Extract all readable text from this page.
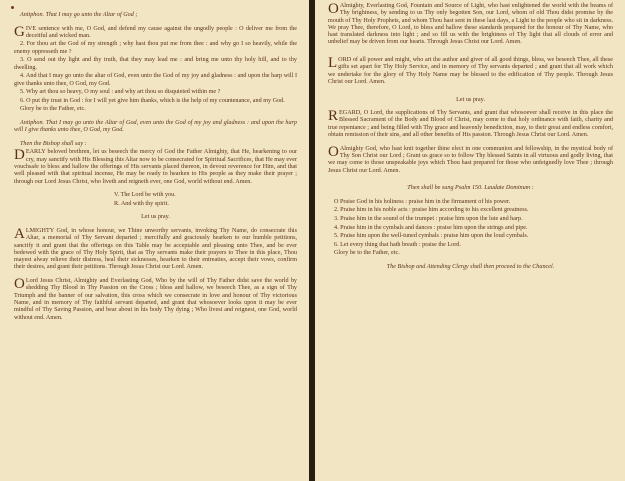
Antiphon. That I may go unto the Altar of God ;

GIVE sentence with me, O God, and defend my cause against the ungodly people : O deliver me from the deceitful and wicked man.

2. For thou art the God of my strength ; why hast thou put me from thee : and why go I so heavily, while the enemy oppresseth me ?

3. O send out thy light and thy truth, that they may lead me : and bring me unto thy holy hill, and to thy dwelling.

4. And that I may go unto the altar of God, even unto the God of my joy and gladness : and upon the harp will I give thanks unto thee, O God, my God.

5. Why art thou so heavy, O my soul : and why art thou so disquieted within me ?

6. O put thy trust in God : for I will yet give him thanks, which is the help of my countenance, and my God.

Glory be to the Father, etc.

Antiphon. That I may go unto the Altar of God, even unto the God of my joy and gladness : and upon the harp will I give thanks unto thee, O God, my God.

Then the Bishop shall say :

DEARLY beloved brethren, let us beseech the mercy of God the Father Almighty, that He, hearkening to our cry, may sanctify with His Blessing this Altar now to be consecrated for Spiritual Sacrifices, that He may ever vouchsafe to bless and hallow the offerings of His servants placed thereon, in devout reverence for Him, and that well pleased with that spiritual incense, He may be ready to hearken to His people as they make their prayer ; through our Lord Jesus Christ, who liveth and reigneth ever, one God, world without end. Amen.

V. The Lord be with you.

R. And with thy spirit.

Let us pray.

ALMIGHTY God, in whose honour, we Thine unworthy servants, invoking Thy Name, do consecrate this Altar, a memorial of Thy Servant departed ; mercifully and graciously hearken to our humble petitions, sanctify it and grant that the offerings on this Table may be acceptable and pleasing unto Thee, and be ever bedewed with the grace of Thy Holy Spirit, that as Thy servants make their prayers to Thee in this place, Thou mayest alway relieve their distress, heal their sicknesses, hearken to their entreaties, accept their vows, confirm their desires, and grant their petitions. Through Jesus Christ our Lord. Amen.

O Lord Jesus Christ, Almighty and Everlasting God, Who by the will of Thy Father didst save the world by shedding Thy Blood in Thy Passion on the Cross ; bless and hallow, we beseech Thee, as a sign of Thy Triumph and the banner of our salvation, this cross which we consecrate in love and honour of Thy victorious Name, and in memory of Thy faithful servant departed, and grant that whosoever looks upon it may be ever mindful of Thy Saving Passion, and bear about in his body Thy dying ; Who livest and reignest, one God, world without end. Amen.

O Almighty, Everlasting God, Fountain and Source of Light, who hast enlightened the world with the beams of Thy brightness, by sending to us Thy only begotten Son, our Lord, whom of old Thou didst promise by the mouth of Thy Holy Prophets, and whom Thou hast sent in these last days, a Light to the people who sit in darkness. We pray Thee, therefore, O Lord, to bless and hallow these standards prepared for the honour of Thy Name, who hast translated darkness into light ; and so fill us with the brightness of Thy light that all clouds of error and unbelief may be driven from our hearts. Through Jesus Christ our Lord. Amen.

LORD of all power and might, who art the author and giver of all good things, bless, we beseech Thee, all these gifts set apart for Thy Holy Service, and in memory of Thy servants departed ; and grant that all work which we undertake for the glory of Thy Holy Name may be blessed to the edification of Thy people. Through Jesus Christ our Lord. Amen.

Let us pray.

REGARD, O Lord, the supplications of Thy Servants, and grant that whosoever shall receive in this place the Blessed Sacrament of the Body and Blood of Christ, may come to that holy ordinance with faith, charity and true repentance ; and being filled with Thy grace and heavenly benediction, may, to their great and endless comfort, obtain remission of their sins, and all other benefits of His passion. Through Jesus Christ our Lord. Amen.

O Almighty God, who hast knit together thine elect in one communion and fellowship, in the mystical body of Thy Son Christ our Lord ; Grant us grace so to follow Thy blessed Saints in all virtuous and godly living, that we may come to those unspeakable joys which Thou hast prepared for those who unfeignedly love Thee ; through Jesus Christ our Lord. Amen.

Then shall be sung Psalm 150. Laudate Dominum :

O Praise God in his holiness : praise him in the firmament of his power.

2. Praise him in his noble acts : praise him according to his excellent greatness.

3. Praise him in the sound of the trumpet : praise him upon the lute and harp.

4. Praise him in the cymbals and dances : praise him upon the strings and pipe.

5. Praise him upon the well-tuned cymbals : praise him upon the loud cymbals.

6. Let every thing that hath breath : praise the Lord.

Glory be to the Father, etc.

The Bishop and Attending Clergy shall then proceed to the Chancel.
